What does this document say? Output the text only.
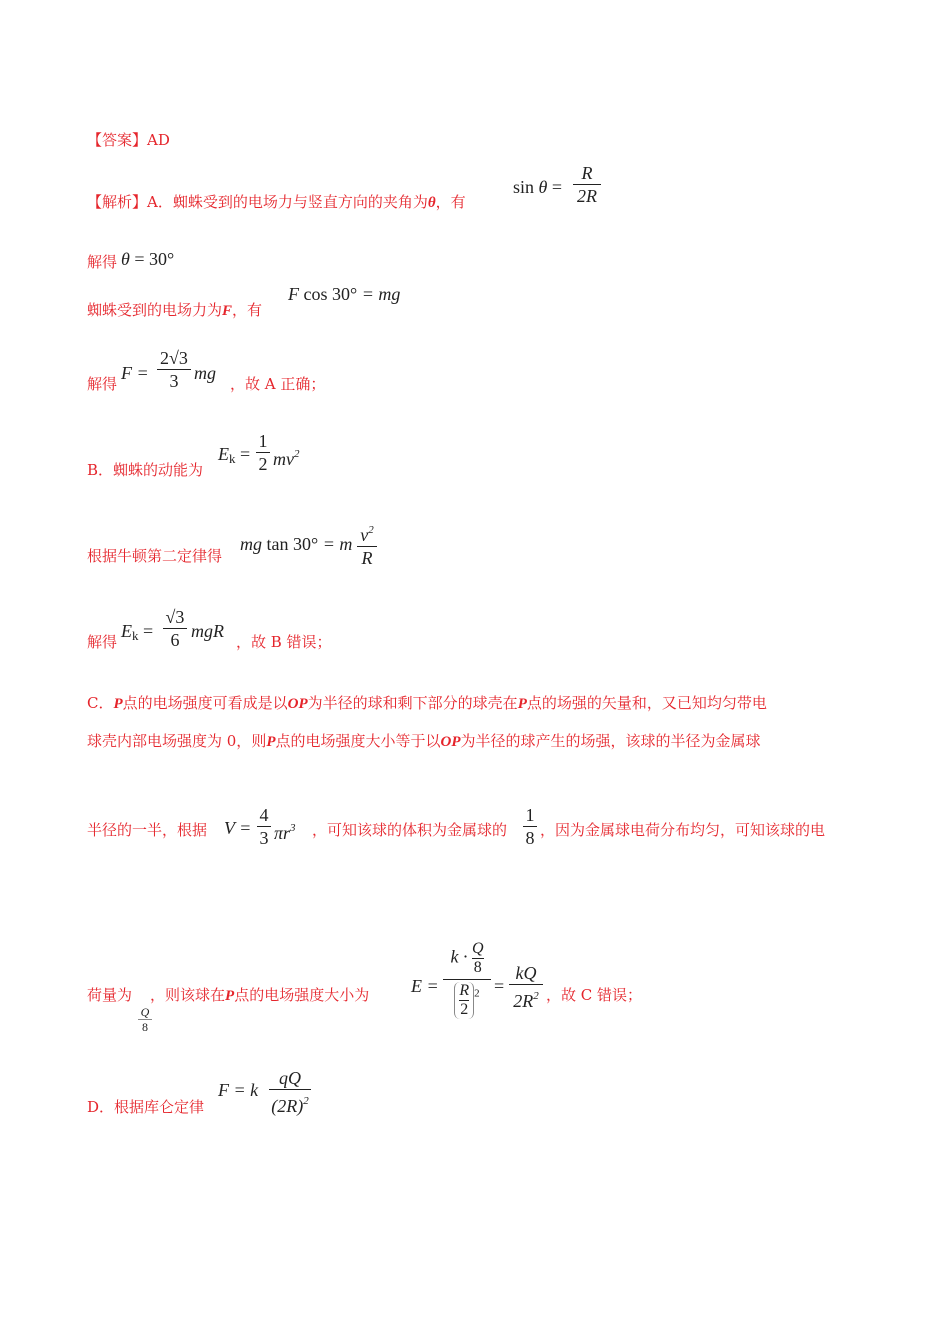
【答案】AD
【解析】A．蜘蛛受到的电场力与竖直方向的夹角为θ，有
sin θ =
R
2R
解得 θ = 30°
蜘蛛受到的电场力为F，有
F cos 30° = mg
解得
F =
2√3
3 mg
，故 A 正确；
B．蜘蛛的动能为
$E_k$ =
1
2 $mv^2$
根据牛顿第二定律得
mg tan 30° = m $v^2$
R
解得
$E_k$ =
√3
6 mgR
，故 B 错误；
C．P点的电场强度可看成是以OP为半径的球和剩下部分的球壳在P点的场强的矢量和，又已知均匀带电
球壳内部电场强度为 0，则P点的电场强度大小等于以OP为半径的球产生的场强，该球的半径为金属球
半径的一半，根据 V =
4
3 $\pi r^3$ ，可知该球的体积为金属球的
1
8 ，因为金属球电荷分布均匀，可知该球的电
荷量为
Q
8
，则该球在P点的电场强度大小为 E =
$k \cdot \frac{Q}{8}$
$\frac{R}{2} ^2$ =
kQ
$2R^2$ ，故 C 错误；
D．根据库仑定律
F = k
qQ
$(2R)^2$
